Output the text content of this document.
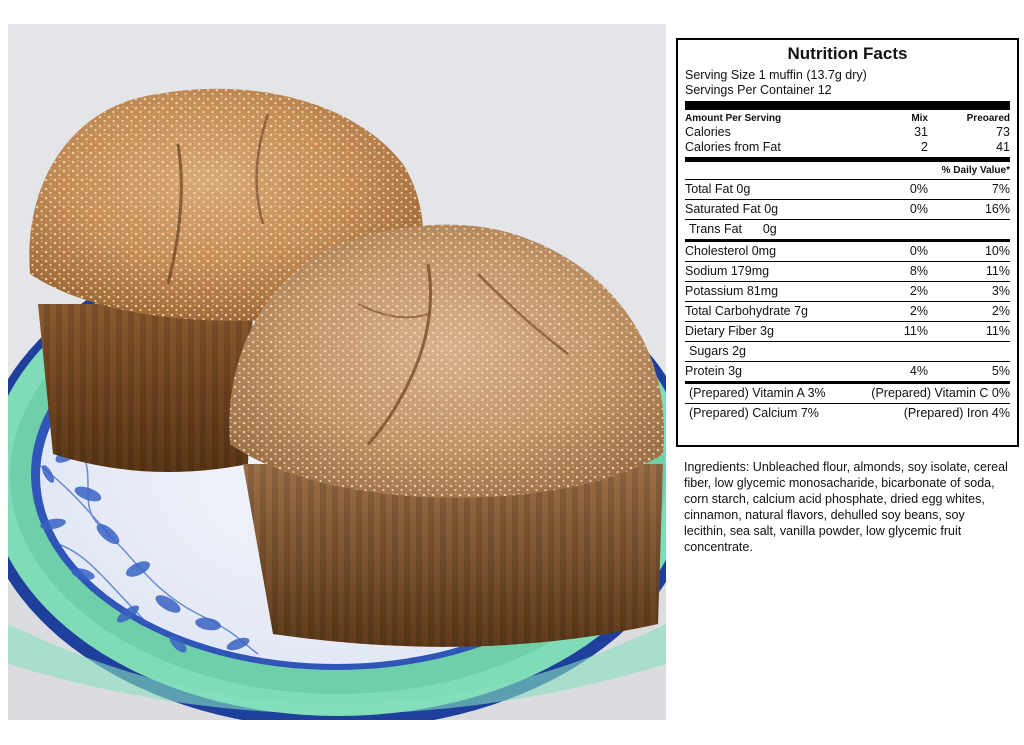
Nutrition Facts
Serving Size 1 muffin (13.7g dry)
Servings Per Container 12
Amount Per Serving	Mix	Preoared
Calories	31	73
Calories from Fat	2	41
% Daily Value*
Total Fat 0g	0%	7%
Saturated Fat 0g	0%	16%
Trans Fat      0g
Cholesterol 0mg	0%	10%
Sodium 179mg	8%	11%
Potassium 81mg	2%	3%
Total Carbohydrate 7g	2%	2%
Dietary Fiber 3g	11%	11%
Sugars 2g
Protein 3g	4%	5%
(Prepared) Vitamin A 3%	(Prepared) Vitamin C 0%
(Prepared) Calcium 7%	(Prepared) Iron 4%
Ingredients: Unbleached flour, almonds, soy isolate, cereal fiber, low glycemic monosacharide, bicarbonate of soda, corn starch, calcium acid phosphate, dried egg whites, cinnamon, natural flavors, dehulled soy beans, soy lecithin, sea salt, vanilla powder, low glycemic fruit concentrate.
